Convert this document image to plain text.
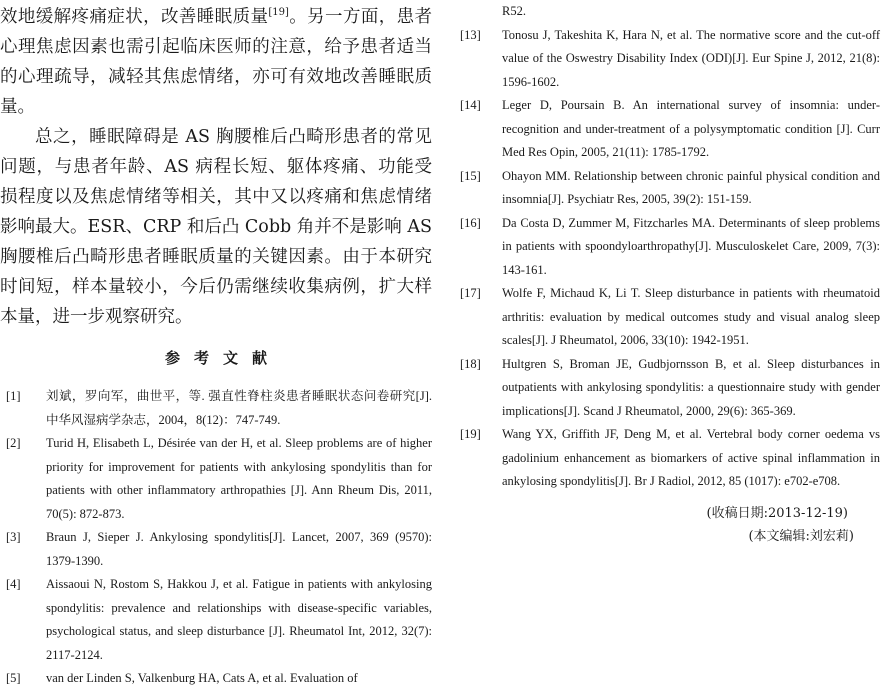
效地缓解疼痛症状，改善睡眠质量[19]。另一方面，患者心理焦虑因素也需引起临床医师的注意，给予患者适当的心理疏导，减轻其焦虑情绪，亦可有效地改善睡眠质量。

总之，睡眠障碍是 AS 胸腰椎后凸畸形患者的常见问题，与患者年龄、AS 病程长短、躯体疼痛、功能受损程度以及焦虑情绪等相关，其中又以疼痛和焦虑情绪影响最大。ESR、CRP 和后凸 Cobb 角并不是影响 AS 胸腰椎后凸畸形患者睡眠质量的关键因素。由于本研究时间短，样本量较小，今后仍需继续收集病例，扩大样本量，进一步观察研究。

参考文献
[1]	刘斌，罗向军，曲世平，等. 强直性脊柱炎患者睡眠状态问卷研究[J]. 中华风湿病学杂志，2004，8(12)：747-749.
[2]	Turid H, Elisabeth L, Désirée van der H, et al. Sleep problems are of higher priority for improvement for patients with ankylosing spondylitis than for patients with other inflammatory arthropathies [J]. Ann Rheum Dis, 2011, 70(5): 872-873.
[3]	Braun J, Sieper J. Ankylosing spondylitis[J]. Lancet, 2007, 369 (9570): 1379-1390.
[4]	Aissaoui N, Rostom S, Hakkou J, et al. Fatigue in patients with ankylosing spondylitis: prevalence and relationships with disease-specific variables, psychological status, and sleep disturbance [J]. Rheumatol Int, 2012, 32(7): 2117-2124.
[5]	van der Linden S, Valkenburg HA, Cats A, et al. Evaluation of
R52.
[13]	Tonosu J, Takeshita K, Hara N, et al. The normative score and the cut-off value of the Oswestry Disability Index (ODI)[J]. Eur Spine J, 2012, 21(8): 1596-1602.
[14]	Leger D, Poursain B. An international survey of insomnia: under-recognition and under-treatment of a polysymptomatic condition [J]. Curr Med Res Opin, 2005, 21(11): 1785-1792.
[15]	Ohayon MM. Relationship between chronic painful physical condition and insomnia[J]. Psychiatr Res, 2005, 39(2): 151-159.
[16]	Da Costa D, Zummer M, Fitzcharles MA. Determinants of sleep problems in patients with spoondyloarthropathy[J]. Musculoskelet Care, 2009, 7(3): 143-161.
[17]	Wolfe F, Michaud K, Li T. Sleep disturbance in patients with rheumatoid arthritis: evaluation by medical outcomes study and visual analog sleep scales[J]. J Rheumatol, 2006, 33(10): 1942-1951.
[18]	Hultgren S, Broman JE, Gudbjornsson B, et al. Sleep disturbances in outpatients with ankylosing spondylitis: a questionnaire study with gender implications[J]. Scand J Rheumatol, 2000, 29(6): 365-369.
[19]	Wang YX, Griffith JF, Deng M, et al. Vertebral body corner oedema vs gadolinium enhancement as biomarkers of active spinal inflammation in ankylosing spondylitis[J]. Br J Radiol, 2012, 85 (1017): e702-e708.

(收稿日期:2013-12-19)

(本文编辑:刘宏莉)
